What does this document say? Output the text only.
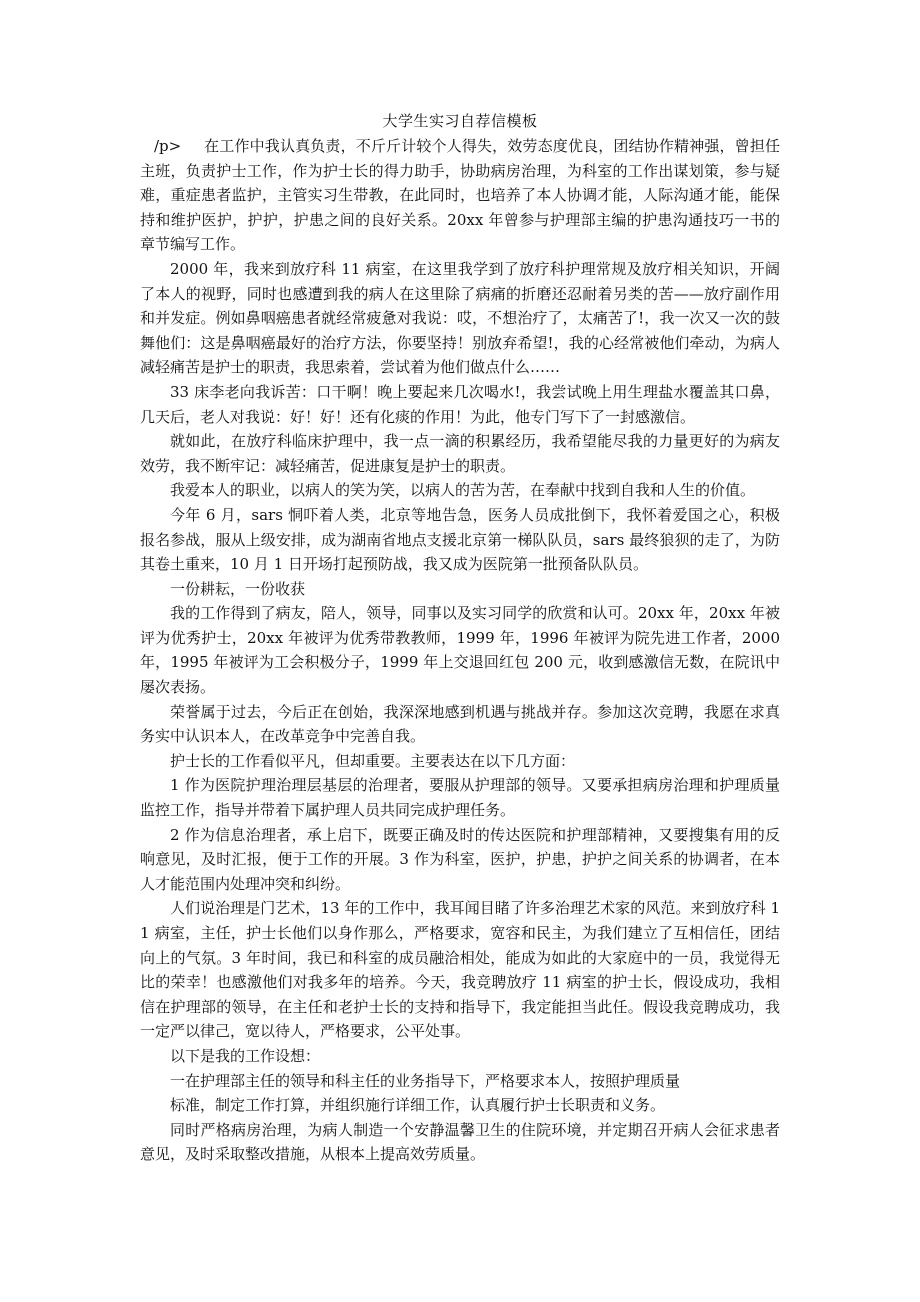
大学生实习自荐信模板

/p> 在工作中我认真负责，不斤斤计较个人得失，效劳态度优良，团结协作精神强，曾担任主班，负责护士工作，作为护士长的得力助手，协助病房治理，为科室的工作出谋划策，参与疑难，重症患者监护，主管实习生带教，在此同时，也培养了本人协调才能，人际沟通才能，能保持和维护医护，护护，护患之间的良好关系。20xx 年曾参与护理部主编的护患沟通技巧一书的章节编写工作。

2000 年，我来到放疗科 11 病室，在这里我学到了放疗科护理常规及放疗相关知识，开阔了本人的视野，同时也感遭到我的病人在这里除了病痛的折磨还忍耐着另类的苦——放疗副作用和并发症。例如鼻咽癌患者就经常疲惫对我说：哎，不想治疗了，太痛苦了!，我一次又一次的鼓舞他们：这是鼻咽癌最好的治疗方法，你要坚持！别放弃希望!，我的心经常被他们牵动，为病人减轻痛苦是护士的职责，我思索着，尝试着为他们做点什么……

33 床李老向我诉苦：口干啊！晚上要起来几次喝水!，我尝试晚上用生理盐水覆盖其口鼻，几天后，老人对我说：好！好！还有化痰的作用！为此，他专门写下了一封感激信。

就如此，在放疗科临床护理中，我一点一滴的积累经历，我希望能尽我的力量更好的为病友效劳，我不断牢记：减轻痛苦，促进康复是护士的职责。

我爱本人的职业，以病人的笑为笑，以病人的苦为苦，在奉献中找到自我和人生的价值。

今年 6 月，sars 恫吓着人类，北京等地告急，医务人员成批倒下，我怀着爱国之心，积极报名参战，服从上级安排，成为湖南省地点支援北京第一梯队队员，sars 最终狼狈的走了，为防其卷土重来，10 月 1 日开场打起预防战，我又成为医院第一批预备队队员。

一份耕耘，一份收获

我的工作得到了病友，陪人，领导，同事以及实习同学的欣赏和认可。20xx 年，20xx 年被评为优秀护士，20xx 年被评为优秀带教教师，1999 年，1996 年被评为院先进工作者，2000 年，1995 年被评为工会积极分子，1999 年上交退回红包 200 元，收到感激信无数，在院讯中屡次表扬。

荣誉属于过去，今后正在创始，我深深地感到机遇与挑战并存。参加这次竞聘，我愿在求真务实中认识本人，在改革竞争中完善自我。

护士长的工作看似平凡，但却重要。主要表达在以下几方面：

1 作为医院护理治理层基层的治理者，要服从护理部的领导。又要承担病房治理和护理质量监控工作，指导并带着下属护理人员共同完成护理任务。

2 作为信息治理者，承上启下，既要正确及时的传达医院和护理部精神，又要搜集有用的反响意见，及时汇报，便于工作的开展。3 作为科室，医护，护患，护护之间关系的协调者，在本人才能范围内处理冲突和纠纷。

人们说治理是门艺术，13 年的工作中，我耳闻目睹了许多治理艺术家的风范。来到放疗科 11 病室，主任，护士长他们以身作那么，严格要求，宽容和民主，为我们建立了互相信任，团结向上的气氛。3 年时间，我已和科室的成员融洽相处，能成为如此的大家庭中的一员，我觉得无比的荣幸！也感激他们对我多年的培养。今天，我竞聘放疗 11 病室的护士长，假设成功，我相信在护理部的领导，在主任和老护士长的支持和指导下，我定能担当此任。假设我竞聘成功，我一定严以律己，宽以待人，严格要求，公平处事。

以下是我的工作设想：

一在护理部主任的领导和科主任的业务指导下，严格要求本人，按照护理质量

标准，制定工作打算，并组织施行详细工作，认真履行护士长职责和义务。

同时严格病房治理，为病人制造一个安静温馨卫生的住院环境，并定期召开病人会征求患者意见，及时采取整改措施，从根本上提高效劳质量。
